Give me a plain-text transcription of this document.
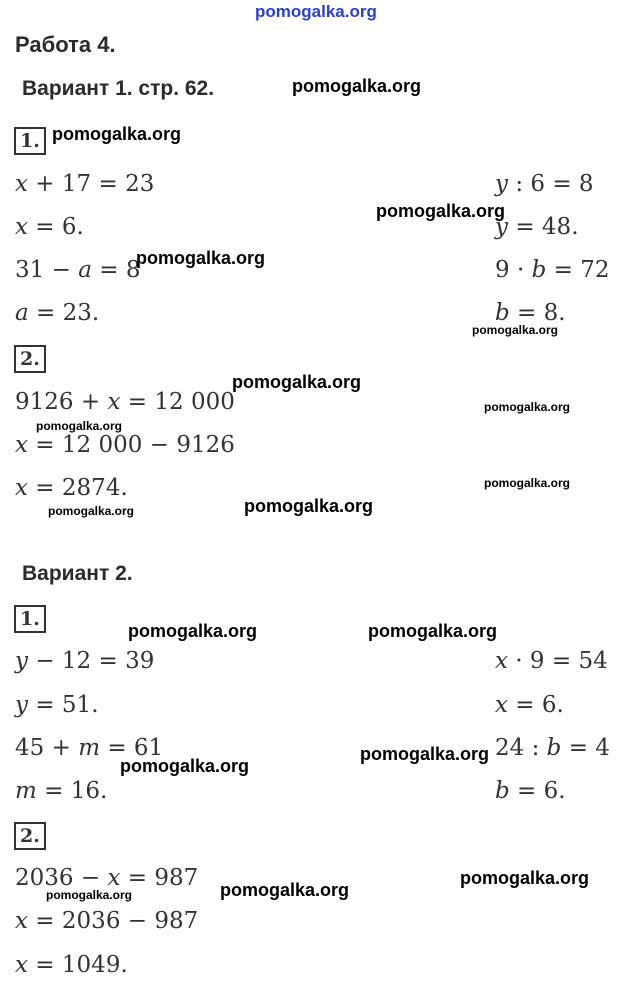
pomogalka.org
Работа 4.
Вариант 1. стр. 62.	pomogalka.org
1. pomogalka.org
x + 17 = 23
x = 6.
31 − a = 8
a = 23.
y : 6 = 8
y = 48.
9 · b = 72
b = 8.
pomogalka.org
pomogalka.org
pomogalka.org
2.
9126 + x = 12 000
x = 12 000 − 9126
x = 2874.
pomogalka.org
pomogalka.org
pomogalka.org
pomogalka.org
pomogalka.org	pomogalka.org
Вариант 2.
1.
pomogalka.org	pomogalka.org
y − 12 = 39
y = 51.
45 + m = 61
m = 16.
x · 9 = 54
x = 6.
24 : b = 4
b = 6.
pomogalka.org
pomogalka.org
2.
2036 − x = 987
x = 2036 − 987
x = 1049.
pomogalka.org	pomogalka.org
pomogalka.org
